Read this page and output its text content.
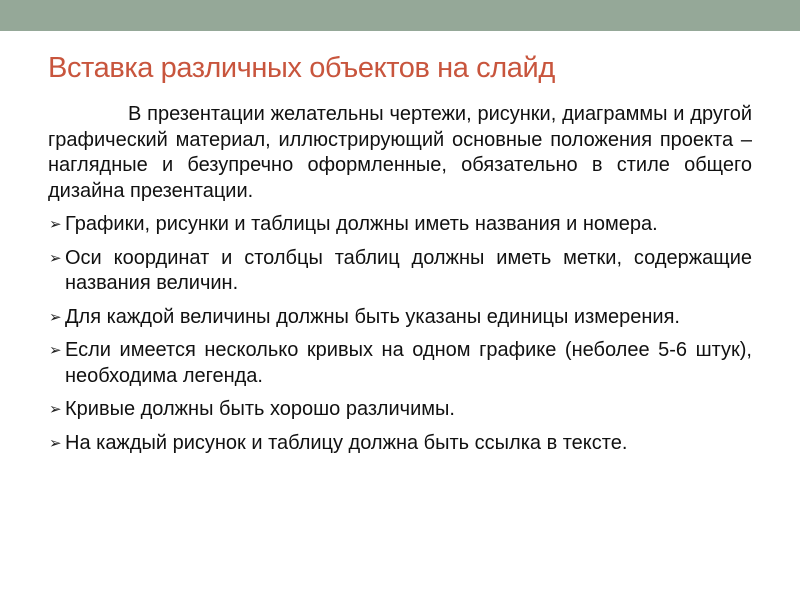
Вставка различных объектов на слайд

В презентации желательны чертежи, рисунки, диаграммы и другой графический материал, иллюстрирующий основные положения проекта – наглядные и безупречно оформленные, обязательно в стиле общего дизайна презентации.

➢ Графики, рисунки и таблицы должны иметь названия и номера.
➢ Оси координат и столбцы таблиц должны иметь метки, содержащие названия величин.
➢ Для каждой величины должны быть указаны единицы измерения.
➢ Если имеется несколько кривых на одном графике (неболее 5-6 штук), необходима легенда.
➢ Кривые должны быть хорошо различимы.
➢ На каждый рисунок и таблицу должна быть ссылка в тексте.
